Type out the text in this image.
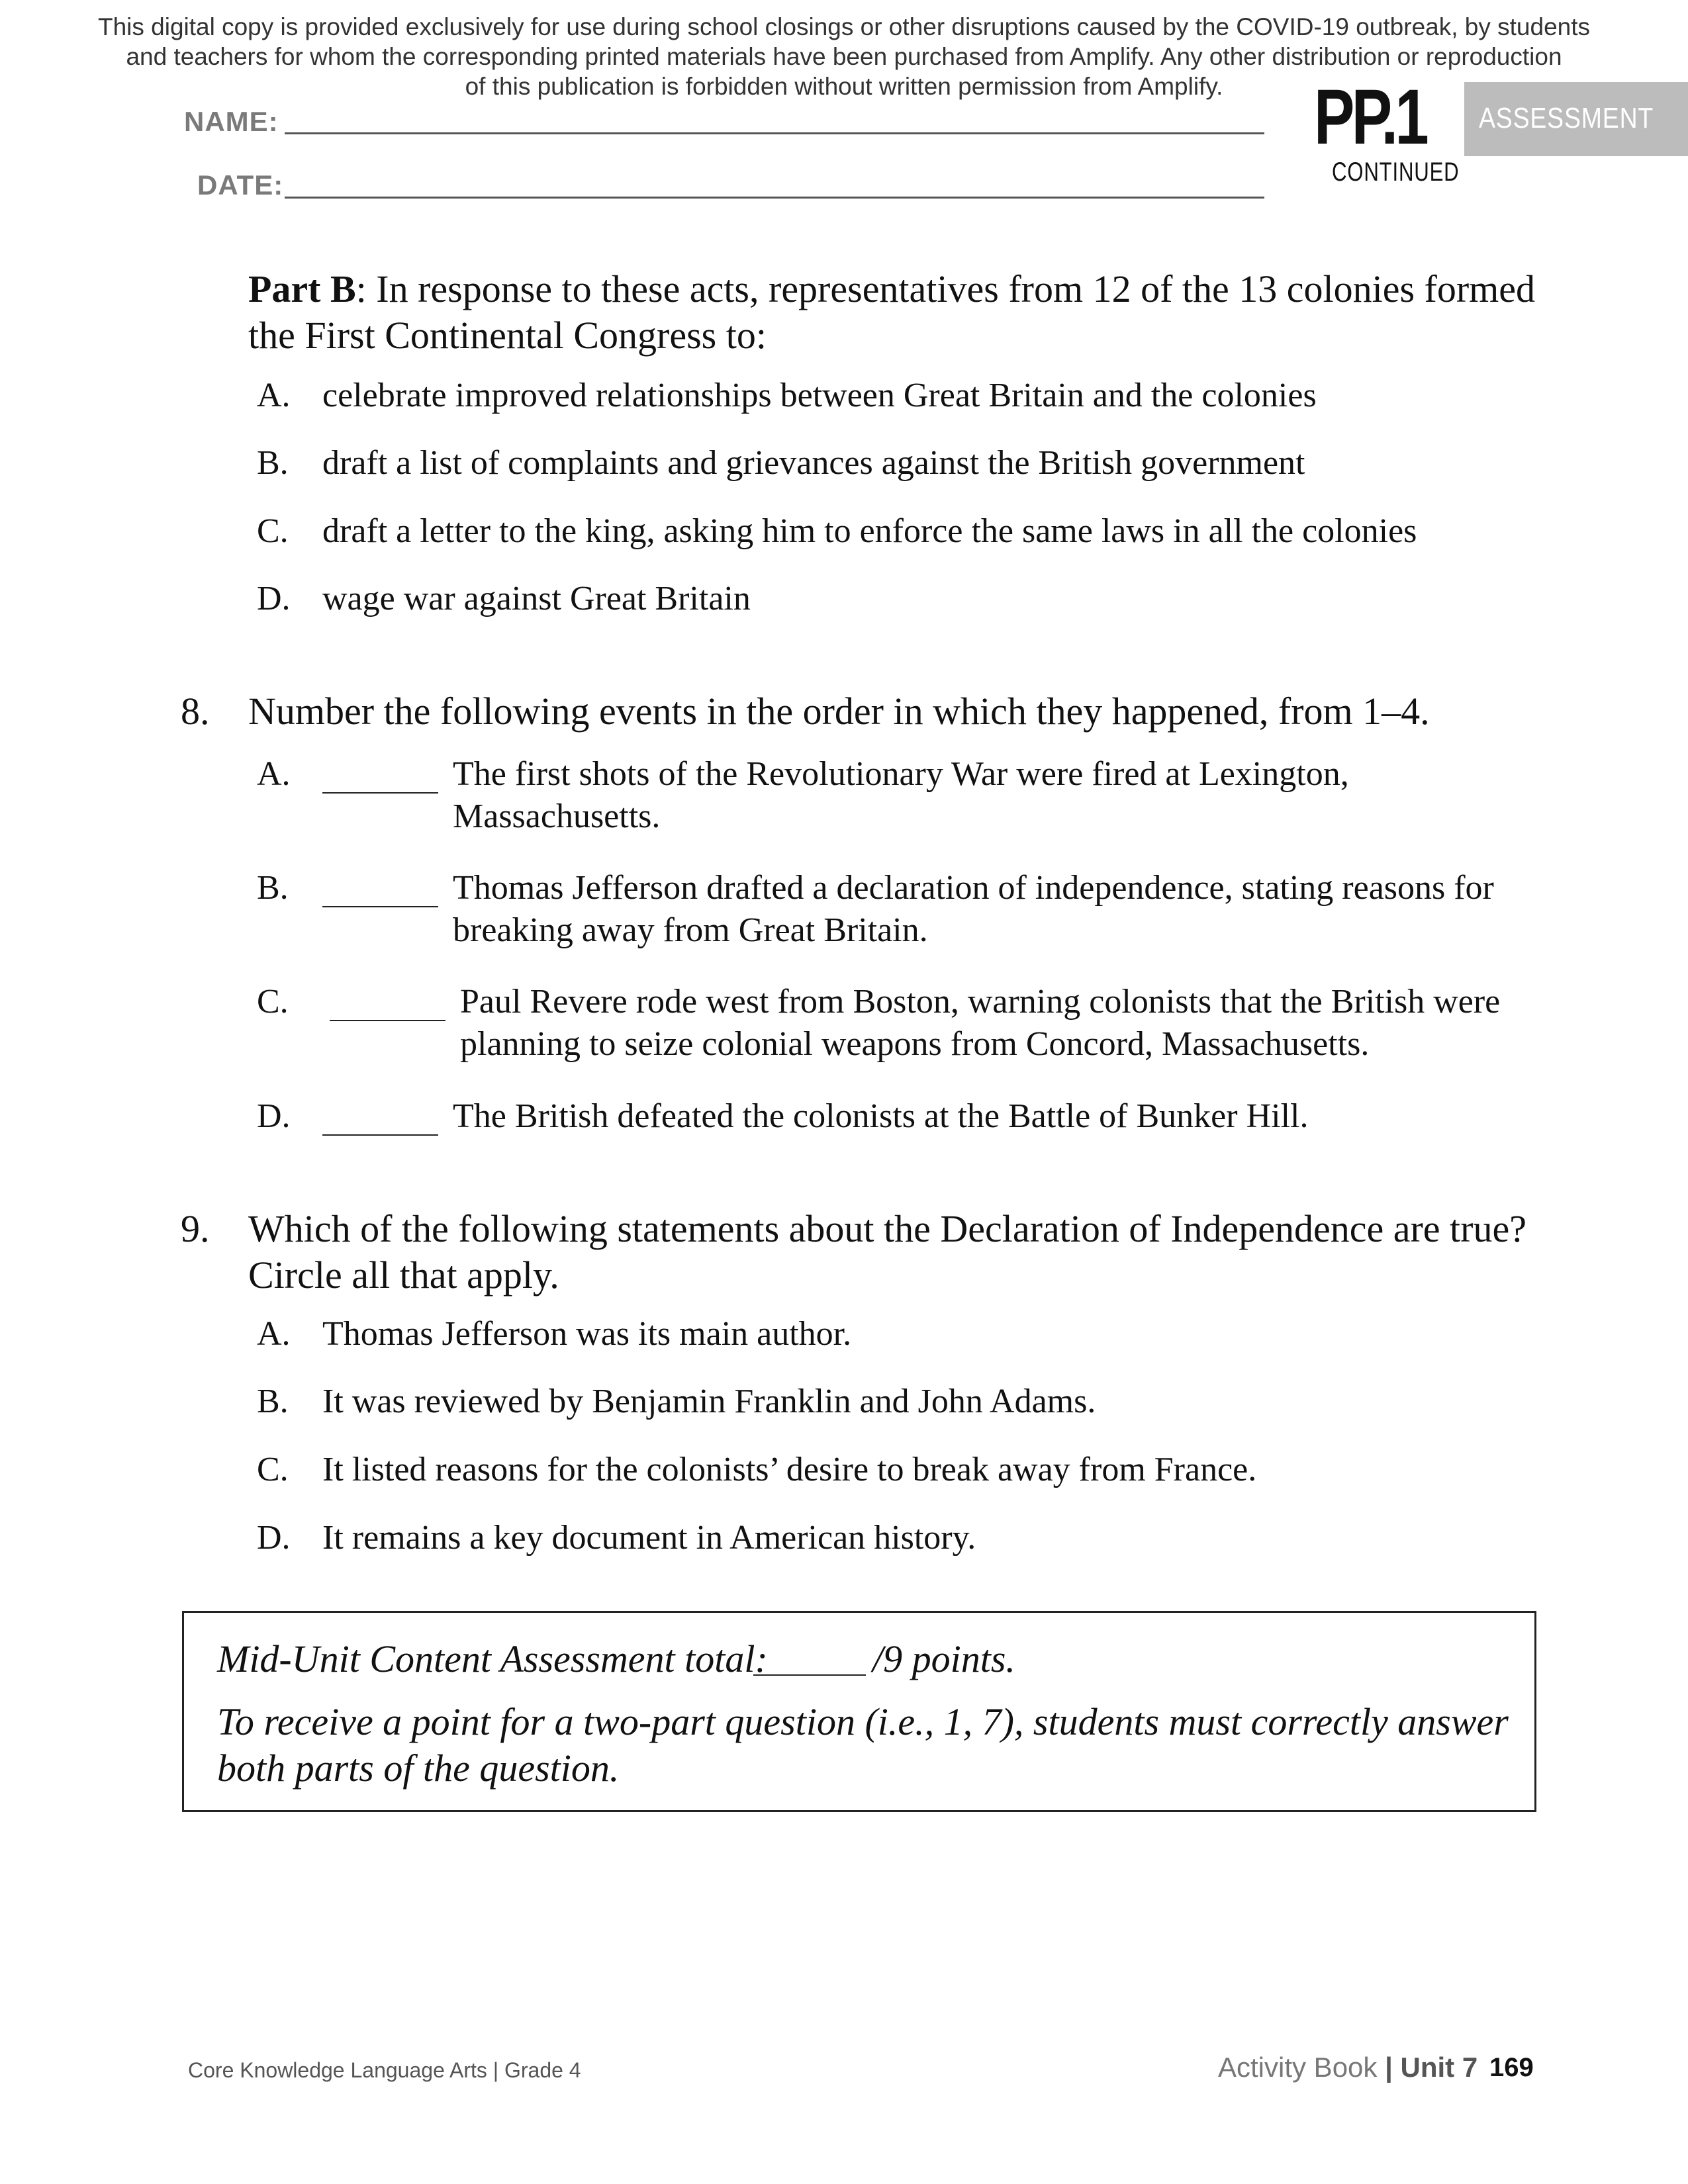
This digital copy is provided exclusively for use during school closings or other disruptions caused by the COVID-19 outbreak, by students
and teachers for whom the corresponding printed materials have been purchased from Amplify. Any other distribution or reproduction
of this publication is forbidden without written permission from Amplify.
NAME:
DATE:
PP.1
CONTINUED
ASSESSMENT
Part B: In response to these acts, representatives from 12 of the 13 colonies formed
the First Continental Congress to:
A. celebrate improved relationships between Great Britain and the colonies
B. draft a list of complaints and grievances against the British government
C. draft a letter to the king, asking him to enforce the same laws in all the colonies
D. wage war against Great Britain
8. Number the following events in the order in which they happened, from 1–4.
A.	The first shots of the Revolutionary War were fired at Lexington,
Massachusetts.
B.	Thomas Jefferson drafted a declaration of independence, stating reasons for
breaking away from Great Britain.
C.	Paul Revere rode west from Boston, warning colonists that the British were
planning to seize colonial weapons from Concord, Massachusetts.
D.	The British defeated the colonists at the Battle of Bunker Hill.
9. Which of the following statements about the Declaration of Independence are true?
Circle all that apply.
A. Thomas Jefferson was its main author.
B. It was reviewed by Benjamin Franklin and John Adams.
C. It listed reasons for the colonists’ desire to break away from France.
D. It remains a key document in American history.
Mid-Unit Content Assessment total:	/9 points.
To receive a point for a two-part question (i.e., 1, 7), students must correctly answer
both parts of the question.
Core Knowledge Language Arts | Grade 4	Activity Book | Unit 7 169
